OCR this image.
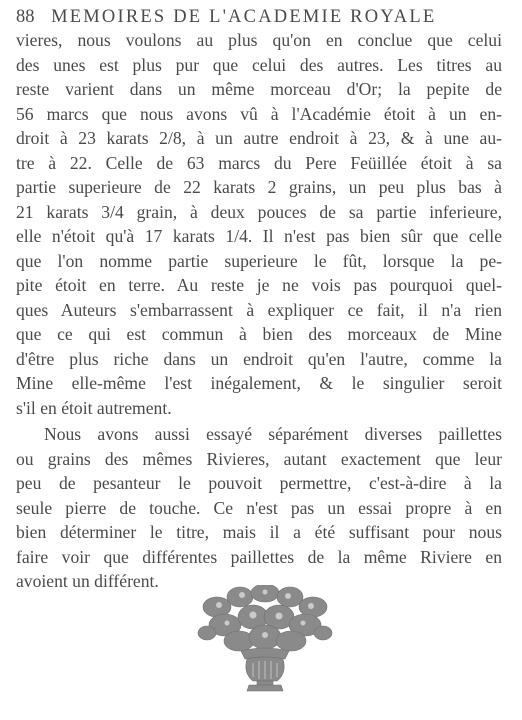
88 MEMOIRES DE L'ACADEMIE ROYALE
vieres, nous voulons au plus qu'on en conclue que celui
des unes est plus pur que celui des autres. Les titres au
reste varient dans un même morceau d'Or; la pepite de
56 marcs que nous avons vû à l'Académie étoit à un en-
droit à 23 karats 2/8, à un autre endroit à 23, & à une au-
tre à 22. Celle de 63 marcs du Pere Feüillée étoit à sa
partie superieure de 22 karats 2 grains, un peu plus bas à
21 karats 3/4 grain, à deux pouces de sa partie inferieure,
elle n'étoit qu'à 17 karats 1/4. Il n'est pas bien sûr que celle
que l'on nomme partie superieure le fût, lorsque la pe-
pite étoit en terre. Au reste je ne vois pas pourquoi quel-
ques Auteurs s'embarrassent à expliquer ce fait, il n'a rien
que ce qui est commun à bien des morceaux de Mine
d'être plus riche dans un endroit qu'en l'autre, comme la
Mine elle-même l'est inégalement, & le singulier seroit
s'il en étoit autrement.
Nous avons aussi essayé séparément diverses paillettes
ou grains des mêmes Rivieres, autant exactement que leur
peu de pesanteur le pouvoit permettre, c'est-à-dire à la
seule pierre de touche. Ce n'est pas un essai propre à en
bien déterminer le titre, mais il a été suffisant pour nous
faire voir que différentes paillettes de la même Riviere en
avoient un différent.
